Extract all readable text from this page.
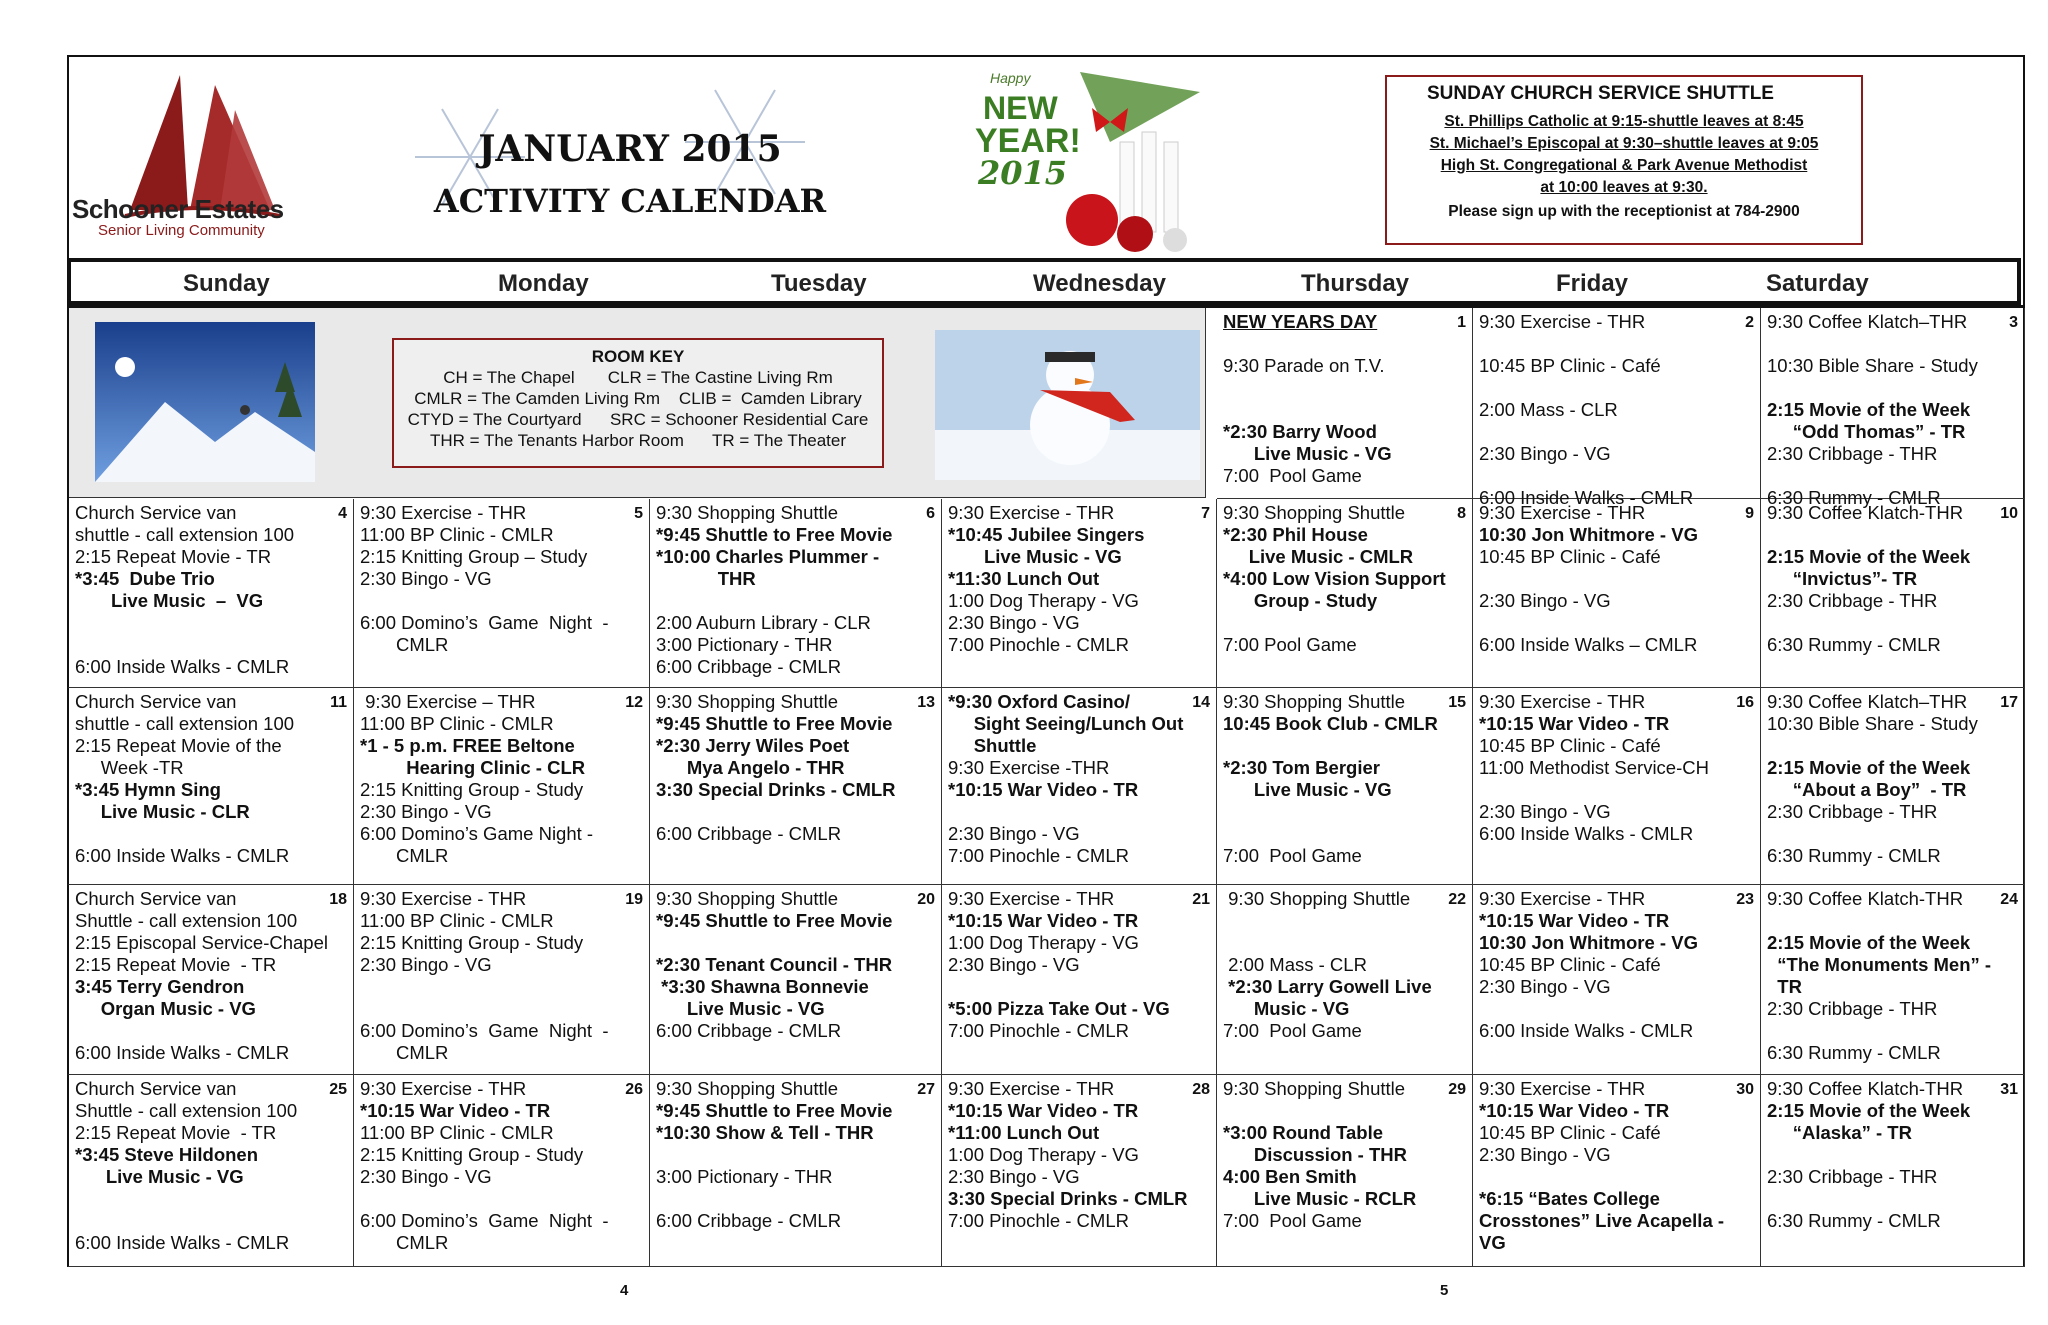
Schooner Estates
Senior Living Community
JANUARY 2015
ACTIVITY CALENDAR
Happy
NEW
YEAR!
2015
SUNDAY CHURCH SERVICE SHUTTLE
St. Phillips Catholic at 9:15-shuttle leaves at 8:45
St. Michael’s Episcopal at 9:30–shuttle leaves at 9:05
High St. Congregational & Park Avenue Methodist
at 10:00 leaves at 9:30.
Please sign up with the receptionist at 784-2900
Sunday	Monday	Tuesday	Wednesday	Thursday	Friday	Saturday
ROOM KEY
CH = The Chapel       CLR = The Castine Living Rm
CMLR = The Camden Living Rm    CLIB =  Camden Library
CTYD = The Courtyard      SRC = Schooner Residential Care
THR = The Tenants Harbor Room      TR = The Theater
1
NEW YEARS DAY

9:30 Parade on T.V.

*2:30 Barry Wood
Live Music - VG
7:00  Pool Game
2
9:30 Exercise - THR

10:45 BP Clinic - Café

2:00 Mass - CLR

2:30 Bingo - VG

6:00 Inside Walks - CMLR
3
9:30 Coffee Klatch–THR

10:30 Bible Share - Study

2:15 Movie of the Week
“Odd Thomas” - TR
2:30 Cribbage - THR

6:30 Rummy - CMLR
4
Church Service van
shuttle - call extension 100
2:15 Repeat Movie - TR
*3:45  Dube Trio
Live Music  –  VG

6:00 Inside Walks - CMLR
5
9:30 Exercise - THR
11:00 BP Clinic - CMLR
2:15 Knitting Group – Study
2:30 Bingo - VG

6:00 Domino’s  Game  Night  -
CMLR
6
9:30 Shopping Shuttle
*9:45 Shuttle to Free Movie
*10:00 Charles Plummer -
THR

2:00 Auburn Library - CLR
3:00 Pictionary - THR
6:00 Cribbage - CMLR
7
9:30 Exercise - THR
*10:45 Jubilee Singers
Live Music - VG
*11:30 Lunch Out
1:00 Dog Therapy - VG
2:30 Bingo - VG
7:00 Pinochle - CMLR
8
9:30 Shopping Shuttle
*2:30 Phil House
Live Music - CMLR
*4:00 Low Vision Support
Group - Study

7:00 Pool Game
9
9:30 Exercise - THR
10:30 Jon Whitmore - VG
10:45 BP Clinic - Café

2:30 Bingo - VG

6:00 Inside Walks – CMLR
10
9:30 Coffee Klatch-THR

2:15 Movie of the Week
“Invictus”- TR
2:30 Cribbage - THR

6:30 Rummy - CMLR
11
Church Service van
shuttle - call extension 100
2:15 Repeat Movie of the
Week -TR
*3:45 Hymn Sing
Live Music - CLR

6:00 Inside Walks - CMLR
12
9:30 Exercise – THR
11:00 BP Clinic - CMLR
*1 - 5 p.m. FREE Beltone
Hearing Clinic - CLR
2:15 Knitting Group - Study
2:30 Bingo - VG
6:00 Domino’s Game Night -
CMLR
13
9:30 Shopping Shuttle
*9:45 Shuttle to Free Movie
*2:30 Jerry Wiles Poet
Mya Angelo - THR
3:30 Special Drinks - CMLR

6:00 Cribbage - CMLR
14
*9:30 Oxford Casino/
Sight Seeing/Lunch Out
Shuttle
9:30 Exercise -THR
*10:15 War Video - TR

2:30 Bingo - VG
7:00 Pinochle - CMLR
15
9:30 Shopping Shuttle
10:45 Book Club - CMLR

*2:30 Tom Bergier
Live Music - VG

7:00  Pool Game
16
9:30 Exercise - THR
*10:15 War Video - TR
10:45 BP Clinic - Café
11:00 Methodist Service-CH

2:30 Bingo - VG
6:00 Inside Walks - CMLR
17
9:30 Coffee Klatch–THR
10:30 Bible Share - Study

2:15 Movie of the Week
“About a Boy”  - TR
2:30 Cribbage - THR

6:30 Rummy - CMLR
18
Church Service van
Shuttle - call extension 100
2:15 Episcopal Service-Chapel
2:15 Repeat Movie  - TR
3:45 Terry Gendron
Organ Music - VG

6:00 Inside Walks - CMLR
19
9:30 Exercise - THR
11:00 BP Clinic - CMLR
2:15 Knitting Group - Study
2:30 Bingo - VG

6:00 Domino’s  Game  Night  -
CMLR
20
9:30 Shopping Shuttle
*9:45 Shuttle to Free Movie

*2:30 Tenant Council - THR
*3:30 Shawna Bonnevie
Live Music - VG
6:00 Cribbage - CMLR
21
9:30 Exercise - THR
*10:15 War Video - TR
1:00 Dog Therapy - VG
2:30 Bingo - VG

*5:00 Pizza Take Out - VG
7:00 Pinochle - CMLR
22
9:30 Shopping Shuttle

2:00 Mass - CLR
*2:30 Larry Gowell Live
Music - VG
7:00  Pool Game
23
9:30 Exercise - THR
*10:15 War Video - TR
10:30 Jon Whitmore - VG
10:45 BP Clinic - Café
2:30 Bingo - VG

6:00 Inside Walks - CMLR
24
9:30 Coffee Klatch-THR

2:15 Movie of the Week
“The Monuments Men” -
TR
2:30 Cribbage - THR

6:30 Rummy - CMLR
25
Church Service van
Shuttle - call extension 100
2:15 Repeat Movie  - TR
*3:45 Steve Hildonen
Live Music - VG

6:00 Inside Walks - CMLR
26
9:30 Exercise - THR
*10:15 War Video - TR
11:00 BP Clinic - CMLR
2:15 Knitting Group - Study
2:30 Bingo - VG

6:00 Domino’s  Game  Night  -
CMLR
27
9:30 Shopping Shuttle
*9:45 Shuttle to Free Movie
*10:30 Show & Tell - THR

3:00 Pictionary - THR

6:00 Cribbage - CMLR
28
9:30 Exercise - THR
*10:15 War Video - TR
*11:00 Lunch Out
1:00 Dog Therapy - VG
2:30 Bingo - VG
3:30 Special Drinks - CMLR
7:00 Pinochle - CMLR
29
9:30 Shopping Shuttle

*3:00 Round Table
Discussion - THR
4:00 Ben Smith
Live Music - RCLR
7:00  Pool Game
30
9:30 Exercise - THR
*10:15 War Video - TR
10:45 BP Clinic - Café
2:30 Bingo - VG

*6:15 “Bates College
Crosstones” Live Acapella - VG
31
9:30 Coffee Klatch-THR
2:15 Movie of the Week
“Alaska” - TR

2:30 Cribbage - THR

6:30 Rummy - CMLR
4	5
